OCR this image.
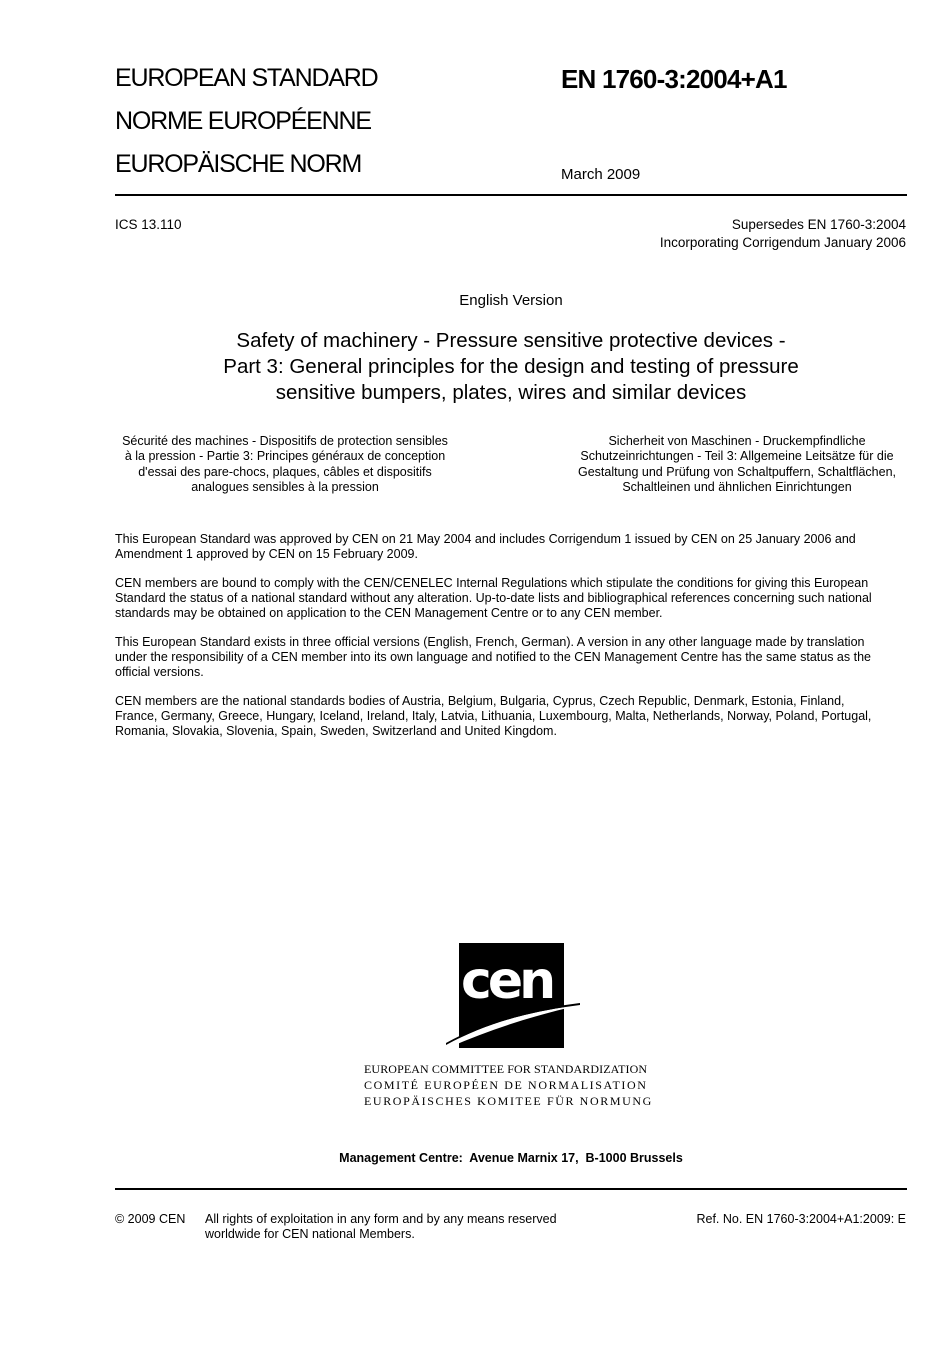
EUROPEAN STANDARD
NORME EUROPÉENNE
EUROPÄISCHE NORM
EN 1760-3:2004+A1
March 2009
ICS 13.110	Supersedes EN 1760-3:2004
Incorporating Corrigendum January 2006
English Version
Safety of machinery - Pressure sensitive protective devices -
Part 3: General principles for the design and testing of pressure
sensitive bumpers, plates, wires and similar devices
Sécurité des machines - Dispositifs de protection sensibles
à la pression - Partie 3: Principes généraux de conception
d'essai des pare-chocs, plaques, câbles et dispositifs
analogues sensibles à la pression
Sicherheit von Maschinen - Druckempfindliche
Schutzeinrichtungen - Teil 3: Allgemeine Leitsätze für die
Gestaltung und Prüfung von Schaltpuffern, Schaltflächen,
Schaltleinen und ähnlichen Einrichtungen
This European Standard was approved by CEN on 21 May 2004 and includes Corrigendum 1 issued by CEN on 25 January 2006 and
Amendment 1 approved by CEN on 15 February 2009.
CEN members are bound to comply with the CEN/CENELEC Internal Regulations which stipulate the conditions for giving this European
Standard the status of a national standard without any alteration. Up-to-date lists and bibliographical references concerning such national
standards may be obtained on application to the CEN Management Centre or to any CEN member.
This European Standard exists in three official versions (English, French, German). A version in any other language made by translation
under the responsibility of a CEN member into its own language and notified to the CEN Management Centre has the same status as the
official versions.
CEN members are the national standards bodies of Austria, Belgium, Bulgaria, Cyprus, Czech Republic, Denmark, Estonia, Finland,
France, Germany, Greece, Hungary, Iceland, Ireland, Italy, Latvia, Lithuania, Luxembourg, Malta, Netherlands, Norway, Poland, Portugal,
Romania, Slovakia, Slovenia, Spain, Sweden, Switzerland and United Kingdom.
cen
EUROPEAN COMMITTEE FOR STANDARDIZATION
COMITÉ EUROPÉEN DE NORMALISATION
EUROPÄISCHES KOMITEE FÜR NORMUNG
Management Centre:  Avenue Marnix 17,  B-1000 Brussels
© 2009 CEN All rights of exploitation in any form and by any means reserved
worldwide for CEN national Members.
Ref. No. EN 1760-3:2004+A1:2009: E
